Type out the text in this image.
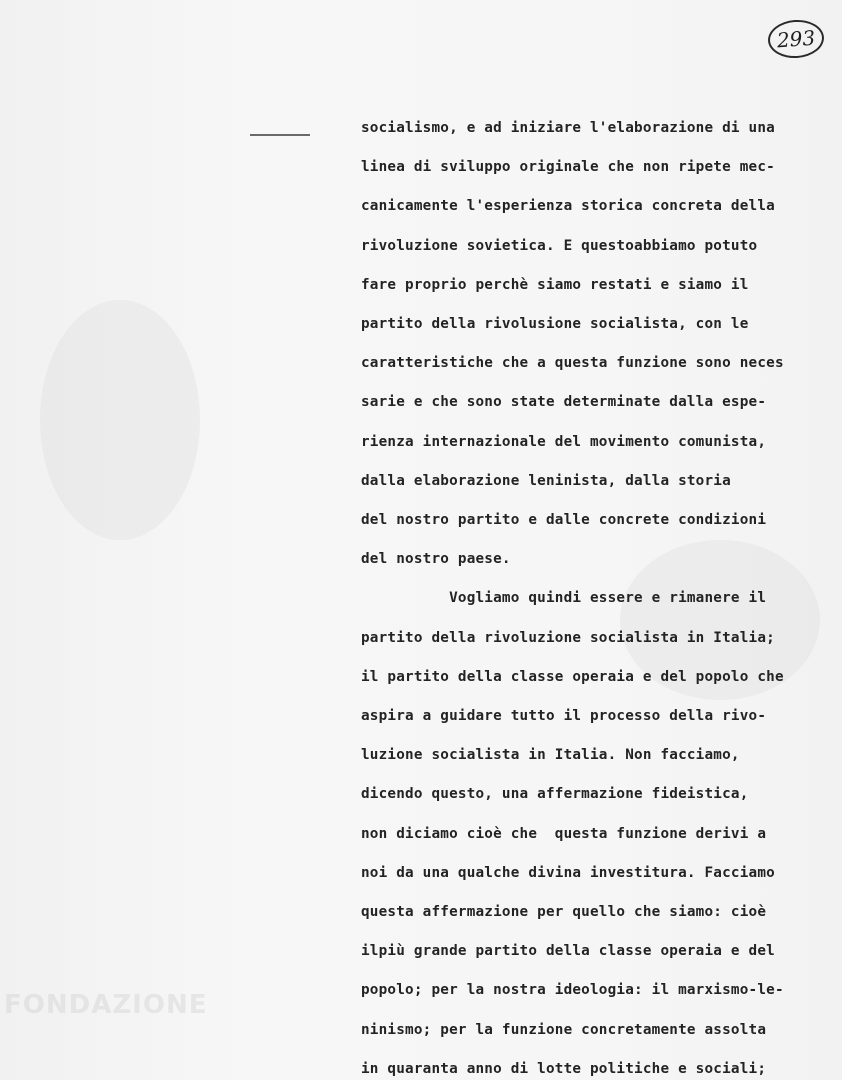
293
socialismo, e ad iniziare l'elaborazione di una
linea di sviluppo originale che non ripete mec-
canicamente l'esperienza storica concreta della
rivoluzione sovietica. E questoabbiamo potuto
fare proprio perchè siamo restati e siamo il
partito della rivolusione socialista, con le
caratteristiche che a questa funzione sono neces
sarie e che sono state determinate dalla espe-
rienza internazionale del movimento comunista,
dalla elaborazione leninista, dalla storia
del nostro partito e dalle concrete condizioni
del nostro paese.
Vogliamo quindi essere e rimanere il
partito della rivoluzione socialista in Italia;
il partito della classe operaia e del popolo che
aspira a guidare tutto il processo della rivo-
luzione socialista in Italia. Non facciamo,
dicendo questo, una affermazione fideistica,
non diciamo cioè che  questa funzione derivi a
noi da una qualche divina investitura. Facciamo
questa affermazione per quello che siamo: cioè
ilpiù grande partito della classe operaia e del
popolo; per la nostra ideologia: il marxismo-le-
ninismo; per la funzione concretamente assolta
in quaranta anno di lotte politiche e sociali;
FONDAZIONE
